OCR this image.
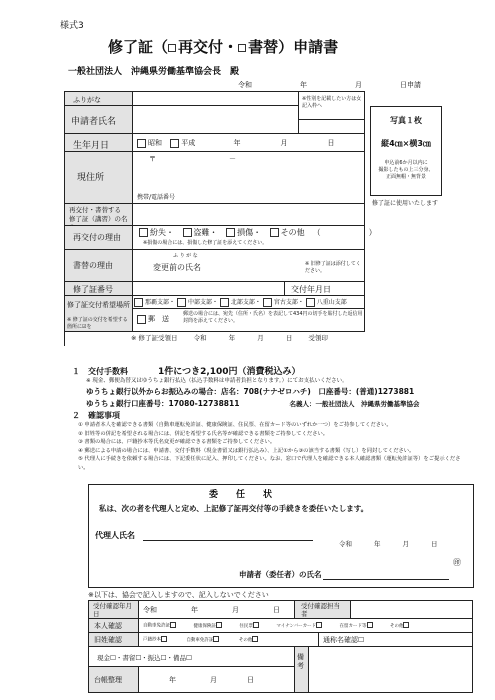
様式3
修了証（ 再交付・ 書替）申請書
一般社団法人　沖縄県労働基準協会長　殿
令和	年	月	日申請
ふりがな	※性別を記載したい方は女記入枠へ
申請者氏名
生年月日	昭和	平成	年	月	日
現住所
〒	－
携帯/電話番号
再交付・書替する
修了証（講習）の名
再交付の理由
紛失・ 盗難・ 損傷・ その他 （　　　　　　）
※損傷の場合には、損傷した修了証を添えてください。
書替の理由
ふ り が な
変更前の氏名	※ 旧修了証は添付してください。
修了証番号	交付年月日
修了証交付希望場所
※ 修了証の交付を希望する箇所に☑を
那覇支部・ 中部支部・ 北部支部・ 宮古支部・ 八重山支部
郵　送
郵送の場合には、宛先（住所・氏名）を表記して434円の切手を貼付した返信用封筒を添えてください。
※ 修了証受領日 令和	年	月	日 受領印
写真１枚
縦4㎝×横3㎝
申込前6か月以内に
撮影したもの上三分身、
正面無帽・無背景
修了証に使用いたします
１　 交付手数料	1件につき2,100円（消費税込み）
※ 現金、郵便為替又はゆうちょ銀行払込（払込手数料は申請者負担となります。）にてお支払いください。
ゆうちょ銀行以外からお振込みの場合：店名：708(ナナゼロハチ)　口座番号：(普通)1273881
ゆうちょ銀行口座番号：17080-12738811	名義人：一般社団法人　沖縄県労働基準協会
２　 確認事項
① 申請者本人を確認できる書類（自動車運転免許証、健康保険証、住民票、在留カード等のいずれか一つ）をご持参してください。
② 旧姓等の併記を希望される場合には、併記を希望する氏名等が確認できる書類をご持参してください。
③ 書類の場合には、戸籍抄本等氏名変更が確認できる書類をご持参してください。
④ 郵送による申請の場合には、申請書、交付手数料（現金書留又は銀行払込み）、上記①から③の該当する書類（写し）を同封してください。
⑤ 代理人に手続きを依頼する場合には、下記委任状に記入、押印してください。なお、窓口で代理人を確認できる本人確認書類（運転免許証等）をご提示ください。
委　　任　　状
私は、次の者を代理人と定め、上記修了証再交付等の手続きを委任いたします。
代理人氏名
令和	年	月	日
申請者（委任者）の氏名
㊞
※以下は、協会で記入しますので、記入しないでください
受付確認年月日	令和	年	月	日	受付確認担当者
本人確認	自動車免許証	健康保険証	住民票	マイナンバーカード	在留カード等	その他
旧姓確認	戸籍抄本	自動車免許証	その他	通称名確認☐
現金☐・書留☐・振込☐・備品☐	備考
台帳整理	年	月	日
